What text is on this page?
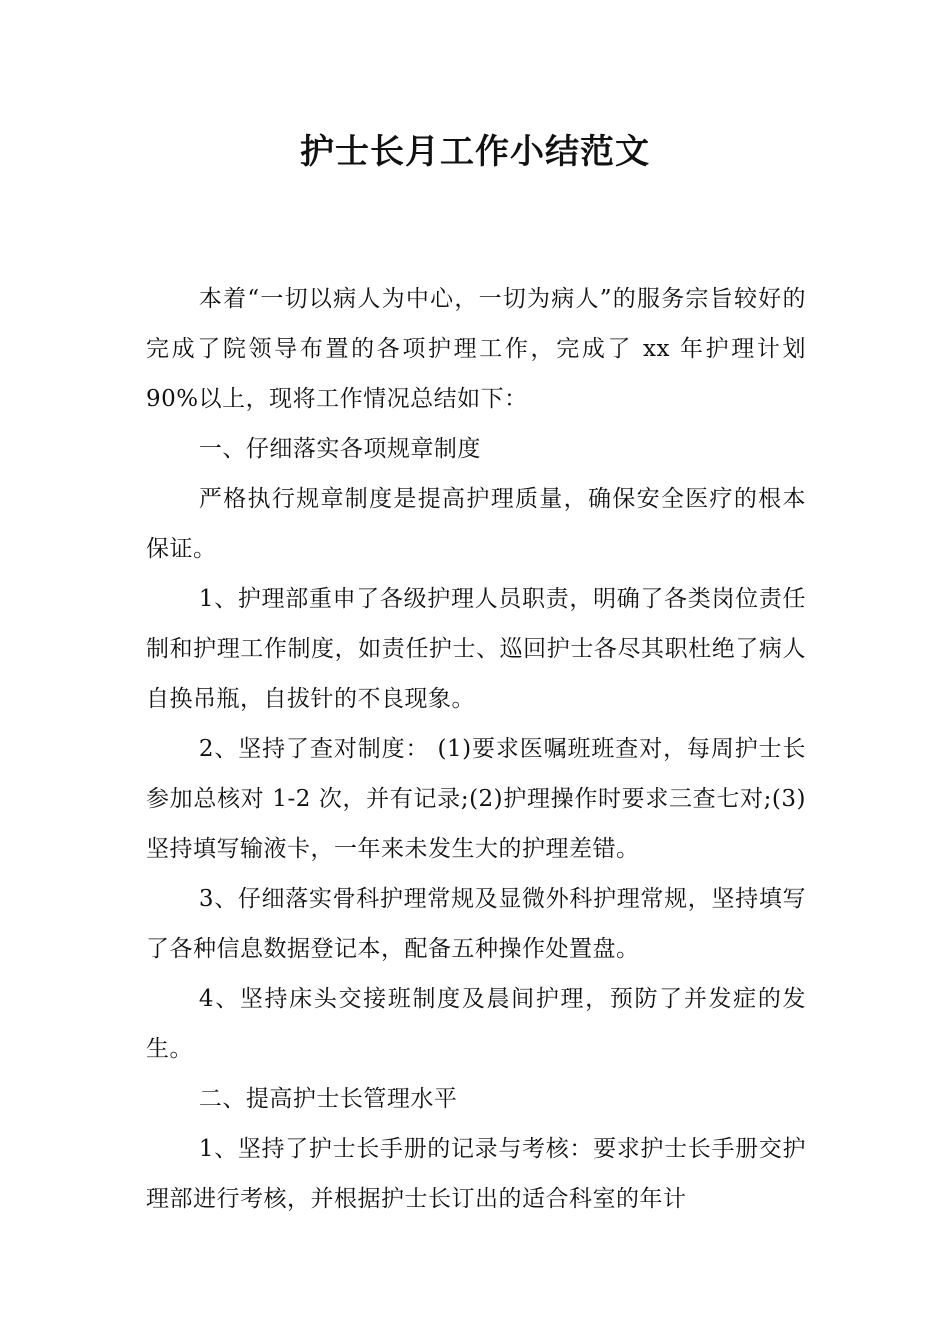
护士长月工作小结范文

本着“一切以病人为中心，一切为病人”的服务宗旨较好的完成了院领导布置的各项护理工作，完成了 xx 年护理计划 90%以上，现将工作情况总结如下：

一、仔细落实各项规章制度

严格执行规章制度是提高护理质量，确保安全医疗的根本保证。

1、护理部重申了各级护理人员职责，明确了各类岗位责任制和护理工作制度，如责任护士、巡回护士各尽其职杜绝了病人自换吊瓶，自拔针的不良现象。

2、坚持了查对制度： (1)要求医嘱班班查对，每周护士长参加总核对 1-2 次，并有记录;(2)护理操作时要求三查七对;(3)坚持填写输液卡，一年来未发生大的护理差错。

3、仔细落实骨科护理常规及显微外科护理常规，坚持填写了各种信息数据登记本，配备五种操作处置盘。

4、坚持床头交接班制度及晨间护理，预防了并发症的发生。

二、提高护士长管理水平

1、坚持了护士长手册的记录与考核：要求护士长手册交护理部进行考核，并根据护士长订出的适合科室的年计
